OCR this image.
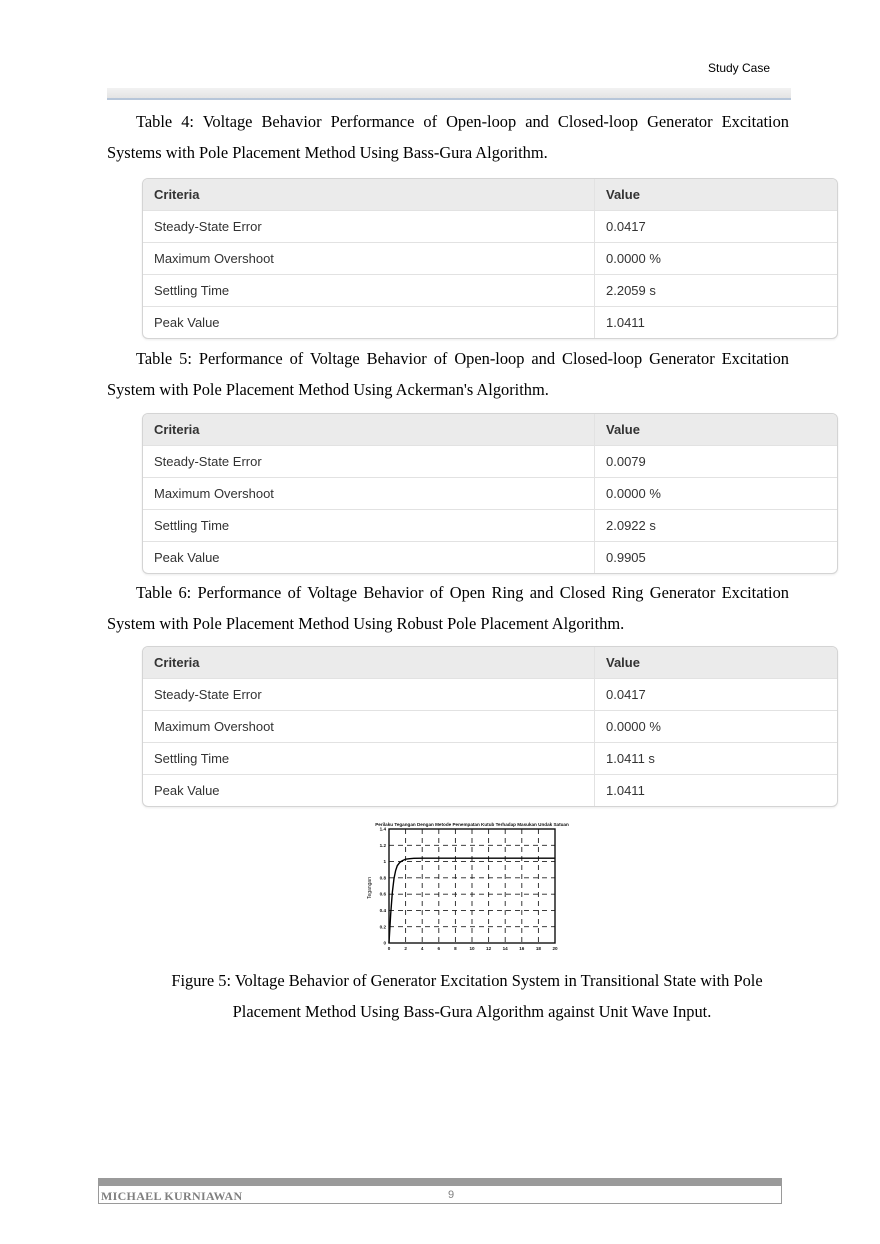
Study Case
Table 4: Voltage Behavior Performance of Open-loop and Closed-loop Generator Excitation Systems with Pole Placement Method Using Bass-Gura Algorithm.
Criteria	Value
Steady-State Error	0.0417
Maximum Overshoot	0.0000 %
Settling Time	2.2059 s
Peak Value	1.0411
Table 5: Performance of Voltage Behavior of Open-loop and Closed-loop Generator Excitation System with Pole Placement Method Using Ackerman's Algorithm.
Criteria	Value
Steady-State Error	0.0079
Maximum Overshoot	0.0000 %
Settling Time	2.0922 s
Peak Value	0.9905
Table 6: Performance of Voltage Behavior of Open Ring and Closed Ring Generator Excitation System with Pole Placement Method Using Robust Pole Placement Algorithm.
Criteria	Value
Steady-State Error	0.0417
Maximum Overshoot	0.0000 %
Settling Time	1.0411 s
Peak Value	1.0411
Perilaku Tegangan Dengan Metode Penempatan Kutub Terhadap Masukan Undak Satuan
Tegangan
0	2	4	6	8	10 12 14 16 18 20
0
0.2
0.4
0.6
0.8
1
1.2
1.4
Figure 5: Voltage Behavior of Generator Excitation System in Transitional State with Pole
Placement Method Using Bass-Gura Algorithm against Unit Wave Input.
MICHAEL KURNIAWAN	9
